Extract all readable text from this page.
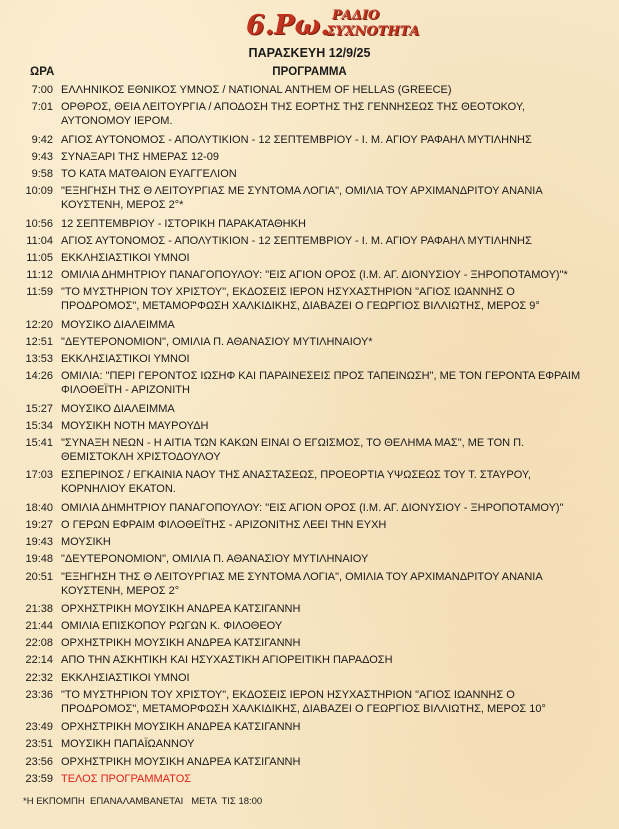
6.Ρω. ΡΑΔΙΟ
ΣΥΧΝΟΤΗΤΑ
ΠΑΡΑΣΚΕΥΗ 12/9/25
ΩΡΑ	ΠΡΟΓΡΑΜΜΑ
7:00 ΕΛΛΗΝΙΚΟΣ ΕΘΝΙΚΟΣ ΥΜΝΟΣ / NATIONAL ANTHEM OF HELLAS (GREECE)
7:01 ΟΡΘΡΟΣ, ΘΕΙΑ ΛΕΙΤΟΥΡΓΙΑ / ΑΠΟΔΟΣΗ ΤΗΣ ΕΟΡΤΗΣ ΤΗΣ ΓΕΝΝΗΣΕΩΣ ΤΗΣ ΘΕΟΤΟΚΟΥ, ΑΥΤΟΝΟΜΟΥ ΙΕΡΟΜ.
9:42 ΑΓΙΟΣ ΑΥΤΟΝΟΜΟΣ - ΑΠΟΛΥΤΙΚΙΟΝ - 12 ΣΕΠΤΕΜΒΡΙΟΥ - Ι. Μ. ΑΓΙΟΥ ΡΑΦΑΗΛ ΜΥΤΙΛΗΝΗΣ
9:43 ΣΥΝΑΞΑΡΙ ΤΗΣ ΗΜΕΡΑΣ 12-09
9:58 ΤΟ ΚΑΤΑ ΜΑΤΘΑΙΟΝ ΕΥΑΓΓΕΛΙΟΝ
10:09 "ΕΞΗΓΗΣΗ ΤΗΣ Θ ΛΕΙΤΟΥΡΓΙΑΣ ΜΕ ΣΥΝΤΟΜΑ ΛΟΓΙΑ", ΟΜΙΛΙΑ ΤΟΥ ΑΡΧΙΜΑΝΔΡΙΤΟΥ ΑΝΑΝΙΑ ΚΟΥΣΤΕΝΗ, ΜΕΡΟΣ 2°*
10:56 12 ΣΕΠΤΕΜΒΡΙΟΥ - ΙΣΤΟΡΙΚΗ ΠΑΡΑΚΑΤΑΘΗΚΗ
11:04 ΑΓΙΟΣ ΑΥΤΟΝΟΜΟΣ - ΑΠΟΛΥΤΙΚΙΟΝ - 12 ΣΕΠΤΕΜΒΡΙΟΥ - Ι. Μ. ΑΓΙΟΥ ΡΑΦΑΗΛ ΜΥΤΙΛΗΝΗΣ
11:05 ΕΚΚΛΗΣΙΑΣΤΙΚΟΙ ΥΜΝΟΙ
11:12 ΟΜΙΛΙΑ ΔΗΜΗΤΡΙΟΥ ΠΑΝΑΓΟΠΟΥΛΟΥ: "ΕΙΣ ΑΓΙΟΝ ΟΡΟΣ (Ι.Μ. ΑΓ. ΔΙΟΝΥΣΙΟΥ - ΞΗΡΟΠΟΤΑΜΟΥ)"*
11:59 "ΤΟ ΜΥΣΤΗΡΙΟΝ ΤΟΥ ΧΡΙΣΤΟΥ", ΕΚΔΟΣΕΙΣ ΙΕΡΟΝ ΗΣΥΧΑΣΤΗΡΙΟΝ "ΑΓΙΟΣ ΙΩΑΝΝΗΣ Ο ΠΡΟΔΡΟΜΟΣ", ΜΕΤΑΜΟΡΦΩΣΗ ΧΑΛΚΙΔΙΚΗΣ, ΔΙΑΒΑΖΕΙ Ο ΓΕΩΡΓΙΟΣ ΒΙΛΛΙΩΤΗΣ, ΜΕΡΟΣ 9°
12:20 ΜΟΥΣΙΚΟ ΔΙΑΛΕΙΜΜΑ
12:51 "ΔΕΥΤΕΡΟΝΟΜΙΟΝ", ΟΜΙΛΙΑ Π. ΑΘΑΝΑΣΙΟΥ ΜΥΤΙΛΗΝΑΙΟΥ*
13:53 ΕΚΚΛΗΣΙΑΣΤΙΚΟΙ ΥΜΝΟΙ
14:26 ΟΜΙΛΙΑ: "ΠΕΡΙ ΓΕΡΟΝΤΟΣ ΙΩΣΗΦ ΚΑΙ ΠΑΡΑΙΝΕΣΕΙΣ ΠΡΟΣ ΤΑΠΕΙΝΩΣΗ", ΜΕ ΤΟΝ ΓΕΡΟΝΤΑ ΕΦΡΑΙΜ ΦΙΛΟΘΕΪΤΗ - ΑΡΙΖΟΝΙΤΗ
15:27 ΜΟΥΣΙΚΟ ΔΙΑΛΕΙΜΜΑ
15:34 ΜΟΥΣΙΚΗ ΝΟΤΗ ΜΑΥΡΟΥΔΗ
15:41 "ΣΥΝΑΞΗ ΝΕΩΝ - Η ΑΙΤΙΑ ΤΩΝ ΚΑΚΩΝ ΕΙΝΑΙ Ο ΕΓΩΙΣΜΟΣ, ΤΟ ΘΕΛΗΜΑ ΜΑΣ", ΜΕ ΤΟΝ Π. ΘΕΜΙΣΤΟΚΛΗ ΧΡΙΣΤΟΔΟΥΛΟΥ
17:03 ΕΣΠΕΡΙΝΟΣ / ΕΓΚΑΙΝΙΑ ΝΑΟΥ ΤΗΣ ΑΝΑΣΤΑΣΕΩΣ, ΠΡΟΕΟΡΤΙΑ ΥΨΩΣΕΩΣ ΤΟΥ Τ. ΣΤΑΥΡΟΥ, ΚΟΡΝΗΛΙΟΥ ΕΚΑΤΟΝ.
18:40 ΟΜΙΛΙΑ ΔΗΜΗΤΡΙΟΥ ΠΑΝΑΓΟΠΟΥΛΟΥ: "ΕΙΣ ΑΓΙΟΝ ΟΡΟΣ (Ι.Μ. ΑΓ. ΔΙΟΝΥΣΙΟΥ - ΞΗΡΟΠΟΤΑΜΟΥ)"
19:27 Ο ΓΕΡΩΝ ΕΦΡΑΙΜ ΦΙΛΟΘΕΪΤΗΣ - ΑΡΙΖΟΝΙΤΗΣ ΛΕΕΙ ΤΗΝ ΕΥΧΗ
19:43 ΜΟΥΣΙΚΗ
19:48 "ΔΕΥΤΕΡΟΝΟΜΙΟΝ", ΟΜΙΛΙΑ Π. ΑΘΑΝΑΣΙΟΥ ΜΥΤΙΛΗΝΑΙΟΥ
20:51 "ΕΞΗΓΗΣΗ ΤΗΣ Θ ΛΕΙΤΟΥΡΓΙΑΣ ΜΕ ΣΥΝΤΟΜΑ ΛΟΓΙΑ", ΟΜΙΛΙΑ ΤΟΥ ΑΡΧΙΜΑΝΔΡΙΤΟΥ ΑΝΑΝΙΑ ΚΟΥΣΤΕΝΗ, ΜΕΡΟΣ 2°
21:38 ΟΡΧΗΣΤΡΙΚΗ ΜΟΥΣΙΚΗ ΑΝΔΡΕΑ ΚΑΤΣΙΓΑΝΝΗ
21:44 ΟΜΙΛΙΑ ΕΠΙΣΚΟΠΟΥ ΡΩΓΩΝ Κ. ΦΙΛΟΘΕΟΥ
22:08 ΟΡΧΗΣΤΡΙΚΗ ΜΟΥΣΙΚΗ ΑΝΔΡΕΑ ΚΑΤΣΙΓΑΝΝΗ
22:14 ΑΠΟ ΤΗΝ ΑΣΚΗΤΙΚΗ ΚΑΙ ΗΣΥΧΑΣΤΙΚΗ ΑΓΙΟΡΕΙΤΙΚΗ ΠΑΡΑΔΟΣΗ
22:32 ΕΚΚΛΗΣΙΑΣΤΙΚΟΙ ΥΜΝΟΙ
23:36 "ΤΟ ΜΥΣΤΗΡΙΟΝ ΤΟΥ ΧΡΙΣΤΟΥ", ΕΚΔΟΣΕΙΣ ΙΕΡΟΝ ΗΣΥΧΑΣΤΗΡΙΟΝ "ΑΓΙΟΣ ΙΩΑΝΝΗΣ Ο ΠΡΟΔΡΟΜΟΣ", ΜΕΤΑΜΟΡΦΩΣΗ ΧΑΛΚΙΔΙΚΗΣ, ΔΙΑΒΑΖΕΙ Ο ΓΕΩΡΓΙΟΣ ΒΙΛΛΙΩΤΗΣ, ΜΕΡΟΣ 10°
23:49 ΟΡΧΗΣΤΡΙΚΗ ΜΟΥΣΙΚΗ ΑΝΔΡΕΑ ΚΑΤΣΙΓΑΝΝΗ
23:51 ΜΟΥΣΙΚΗ ΠΑΠΑΪΩΑΝΝΟΥ
23:56 ΟΡΧΗΣΤΡΙΚΗ ΜΟΥΣΙΚΗ ΑΝΔΡΕΑ ΚΑΤΣΙΓΑΝΝΗ
23:59 ΤΕΛΟΣ ΠΡΟΓΡΑΜΜΑΤΟΣ
*Η ΕΚΠΟΜΠΗ  ΕΠΑΝΑΛΑΜΒΑΝΕΤΑΙ   ΜΕΤΑ  ΤΙΣ 18:00
